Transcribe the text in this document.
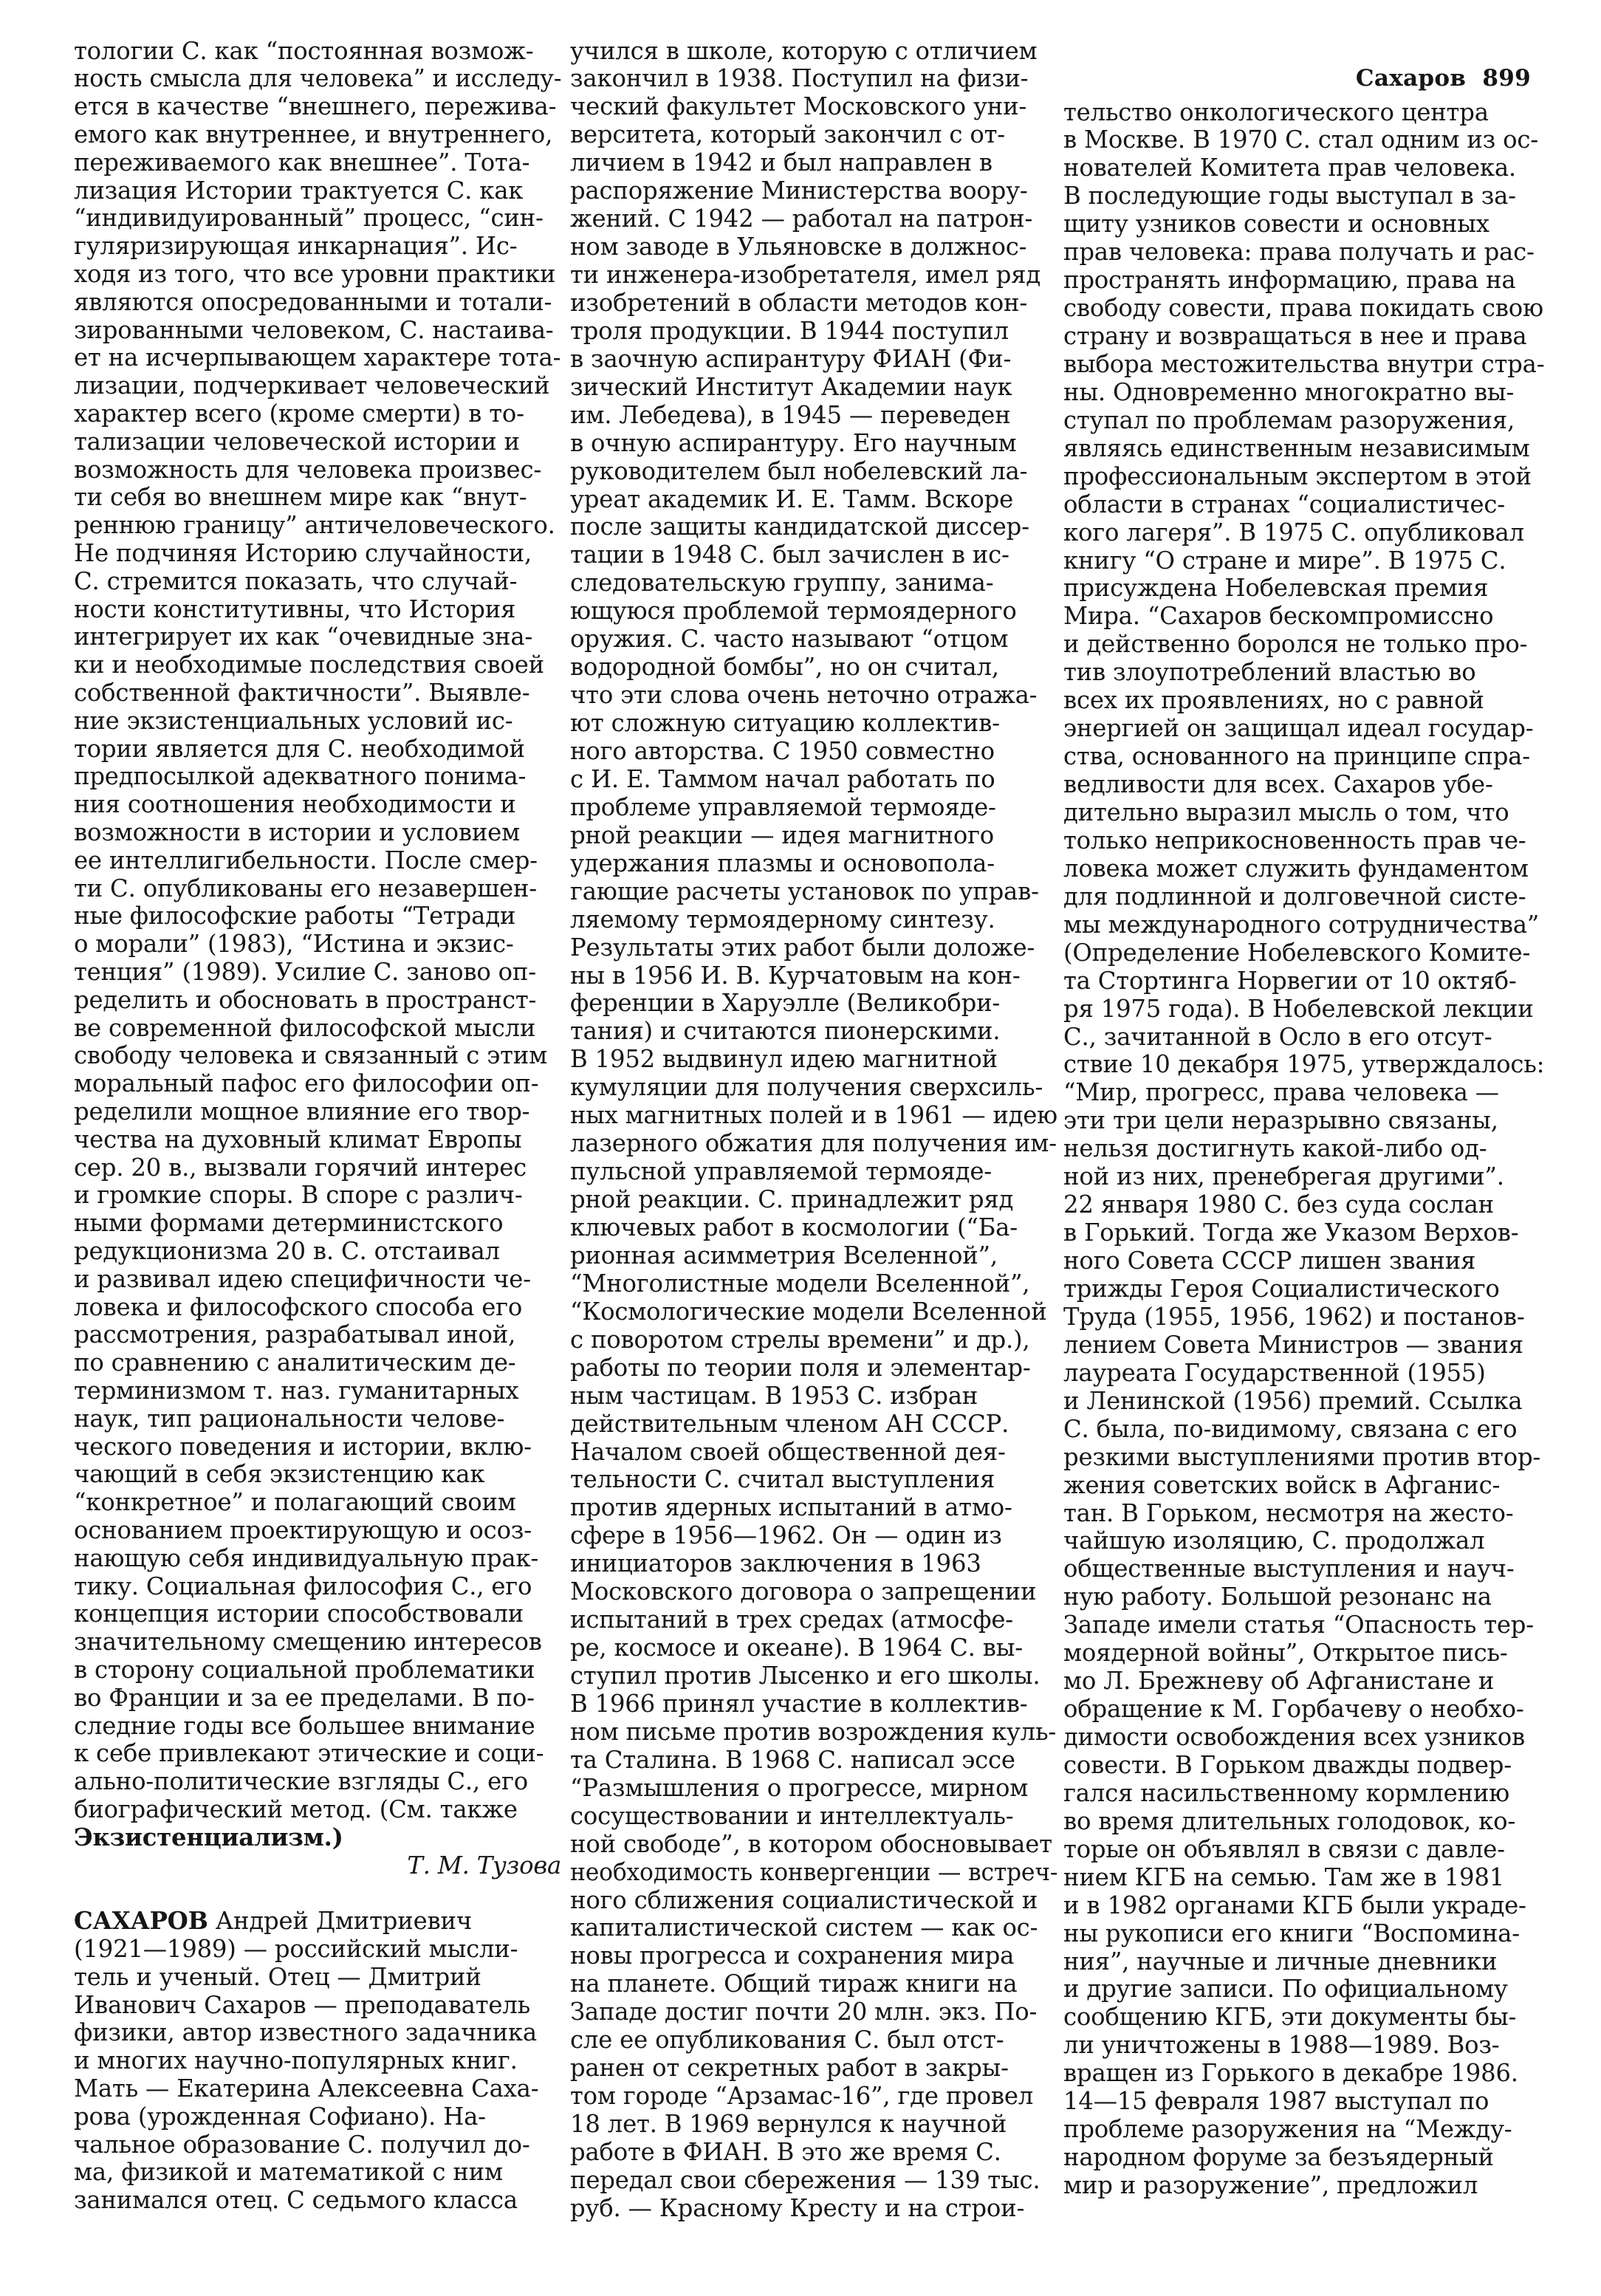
Сахаров 899
тологии С. как “постоянная возмож-
ность смысла для человека” и исследу-
ется в качестве “внешнего, пережива-
емого как внутреннее, и внутреннего,
переживаемого как внешнее”. Тота-
лизация Истории трактуется С. как
“индивидуированный” процесс, “син-
гуляризирующая инкарнация”. Ис-
ходя из того, что все уровни практики
являются опосредованными и тотали-
зированными человеком, С. настаива-
ет на исчерпывающем характере тота-
лизации, подчеркивает человеческий
характер всего (кроме смерти) в то-
тализации человеческой истории и
возможность для человека произвес-
ти себя во внешнем мире как “внут-
реннюю границу” античеловеческого.
Не подчиняя Историю случайности,
С. стремится показать, что случай-
ности конститутивны, что История
интегрирует их как “очевидные зна-
ки и необходимые последствия своей
собственной фактичности”. Выявле-
ние экзистенциальных условий ис-
тории является для С. необходимой
предпосылкой адекватного понима-
ния соотношения необходимости и
возможности в истории и условием
ее интеллигибельности. После смер-
ти С. опубликованы его незавершен-
ные философские работы “Тетради
о морали” (1983), “Истина и экзис-
тенция” (1989). Усилие С. заново оп-
ределить и обосновать в пространст-
ве современной философской мысли
свободу человека и связанный с этим
моральный пафос его философии оп-
ределили мощное влияние его твор-
чества на духовный климат Европы
сер. 20 в., вызвали горячий интерес
и громкие споры. В споре с различ-
ными формами детерминистского
редукционизма 20 в. С. отстаивал
и развивал идею специфичности че-
ловека и философского способа его
рассмотрения, разрабатывал иной,
по сравнению с аналитическим де-
терминизмом т. наз. гуманитарных
наук, тип рациональности челове-
ческого поведения и истории, вклю-
чающий в себя экзистенцию как
“конкретное” и полагающий своим
основанием проектирующую и осоз-
нающую себя индивидуальную прак-
тику. Социальная философия С., его
концепция истории способствовали
значительному смещению интересов
в сторону социальной проблематики
во Франции и за ее пределами. В по-
следние годы все большее внимание
к себе привлекают этические и соци-
ально-политические взгляды С., его
биографический метод. (См. также
Экзистенциализм.)
Т. М. Тузова
САХАРОВ Андрей Дмитриевич
(1921—1989) — российский мысли-
тель и ученый. Отец — Дмитрий
Иванович Сахаров — преподаватель
физики, автор известного задачника
и многих научно-популярных книг.
Мать — Екатерина Алексеевна Саха-
рова (урожденная Софиано). На-
чальное образование С. получил до-
ма, физикой и математикой с ним
занимался отец. С седьмого класса
учился в школе, которую с отличием
закончил в 1938. Поступил на физи-
ческий факультет Московского уни-
верситета, который закончил с от-
личием в 1942 и был направлен в
распоряжение Министерства воору-
жений. С 1942 — работал на патрон-
ном заводе в Ульяновске в должнос-
ти инженера-изобретателя, имел ряд
изобретений в области методов кон-
троля продукции. В 1944 поступил
в заочную аспирантуру ФИАН (Фи-
зический Институт Академии наук
им. Лебедева), в 1945 — переведен
в очную аспирантуру. Его научным
руководителем был нобелевский ла-
уреат академик И. Е. Тамм. Вскоре
после защиты кандидатской диссер-
тации в 1948 С. был зачислен в ис-
следовательскую группу, занима-
ющуюся проблемой термоядерного
оружия. С. часто называют “отцом
водородной бомбы”, но он считал,
что эти слова очень неточно отража-
ют сложную ситуацию коллектив-
ного авторства. С 1950 совместно
с И. Е. Таммом начал работать по
проблеме управляемой термояде-
рной реакции — идея магнитного
удержания плазмы и основопола-
гающие расчеты установок по управ-
ляемому термоядерному синтезу.
Результаты этих работ были доложе-
ны в 1956 И. В. Курчатовым на кон-
ференции в Харуэлле (Великобри-
тания) и считаются пионерскими.
В 1952 выдвинул идею магнитной
кумуляции для получения сверхсиль-
ных магнитных полей и в 1961 — идею
лазерного обжатия для получения им-
пульсной управляемой термояде-
рной реакции. С. принадлежит ряд
ключевых работ в космологии (“Ба-
рионная асимметрия Вселенной”,
“Многолистные модели Вселенной”,
“Космологические модели Вселенной
с поворотом стрелы времени” и др.),
работы по теории поля и элементар-
ным частицам. В 1953 С. избран
действительным членом АН СССР.
Началом своей общественной дея-
тельности С. считал выступления
против ядерных испытаний в атмо-
сфере в 1956—1962. Он — один из
инициаторов заключения в 1963
Московского договора о запрещении
испытаний в трех средах (атмосфе-
ре, космосе и океане). В 1964 С. вы-
ступил против Лысенко и его школы.
В 1966 принял участие в коллектив-
ном письме против возрождения куль-
та Сталина. В 1968 С. написал эссе
“Размышления о прогрессе, мирном
сосуществовании и интеллектуаль-
ной свободе”, в котором обосновывает
необходимость конвергенции — встреч-
ного сближения социалистической и
капиталистической систем — как ос-
новы прогресса и сохранения мира
на планете. Общий тираж книги на
Западе достиг почти 20 млн. экз. По-
сле ее опубликования С. был отст-
ранен от секретных работ в закры-
том городе “Арзамас-16”, где провел
18 лет. В 1969 вернулся к научной
работе в ФИАН. В это же время С.
передал свои сбережения — 139 тыс.
руб. — Красному Кресту и на строи-
тельство онкологического центра
в Москве. В 1970 С. стал одним из ос-
нователей Комитета прав человека.
В последующие годы выступал в за-
щиту узников совести и основных
прав человека: права получать и рас-
пространять информацию, права на
свободу совести, права покидать свою
страну и возвращаться в нее и права
выбора местожительства внутри стра-
ны. Одновременно многократно вы-
ступал по проблемам разоружения,
являясь единственным независимым
профессиональным экспертом в этой
области в странах “социалистичес-
кого лагеря”. В 1975 С. опубликовал
книгу “О стране и мире”. В 1975 С.
присуждена Нобелевская премия
Мира. “Сахаров бескомпромиссно
и действенно боролся не только про-
тив злоупотреблений властью во
всех их проявлениях, но с равной
энергией он защищал идеал государ-
ства, основанного на принципе спра-
ведливости для всех. Сахаров убе-
дительно выразил мысль о том, что
только неприкосновенность прав че-
ловека может служить фундаментом
для подлинной и долговечной систе-
мы международного сотрудничества”
(Определение Нобелевского Комите-
та Стортинга Норвегии от 10 октяб-
ря 1975 года). В Нобелевской лекции
С., зачитанной в Осло в его отсут-
ствие 10 декабря 1975, утверждалось:
“Мир, прогресс, права человека —
эти три цели неразрывно связаны,
нельзя достигнуть какой-либо од-
ной из них, пренебрегая другими”.
22 января 1980 С. без суда сослан
в Горький. Тогда же Указом Верхов-
ного Совета СССР лишен звания
трижды Героя Социалистического
Труда (1955, 1956, 1962) и постанов-
лением Совета Министров — звания
лауреата Государственной (1955)
и Ленинской (1956) премий. Ссылка
С. была, по-видимому, связана с его
резкими выступлениями против втор-
жения советских войск в Афганис-
тан. В Горьком, несмотря на жесто-
чайшую изоляцию, С. продолжал
общественные выступления и науч-
ную работу. Большой резонанс на
Западе имели статья “Опасность тер-
моядерной войны”, Открытое пись-
мо Л. Брежневу об Афганистане и
обращение к М. Горбачеву о необхо-
димости освобождения всех узников
совести. В Горьком дважды подвер-
гался насильственному кормлению
во время длительных голодовок, ко-
торые он объявлял в связи с давле-
нием КГБ на семью. Там же в 1981
и в 1982 органами КГБ были украде-
ны рукописи его книги “Воспомина-
ния”, научные и личные дневники
и другие записи. По официальному
сообщению КГБ, эти документы бы-
ли уничтожены в 1988—1989. Воз-
вращен из Горького в декабре 1986.
14—15 февраля 1987 выступал по
проблеме разоружения на “Между-
народном форуме за безъядерный
мир и разоружение”, предложил
